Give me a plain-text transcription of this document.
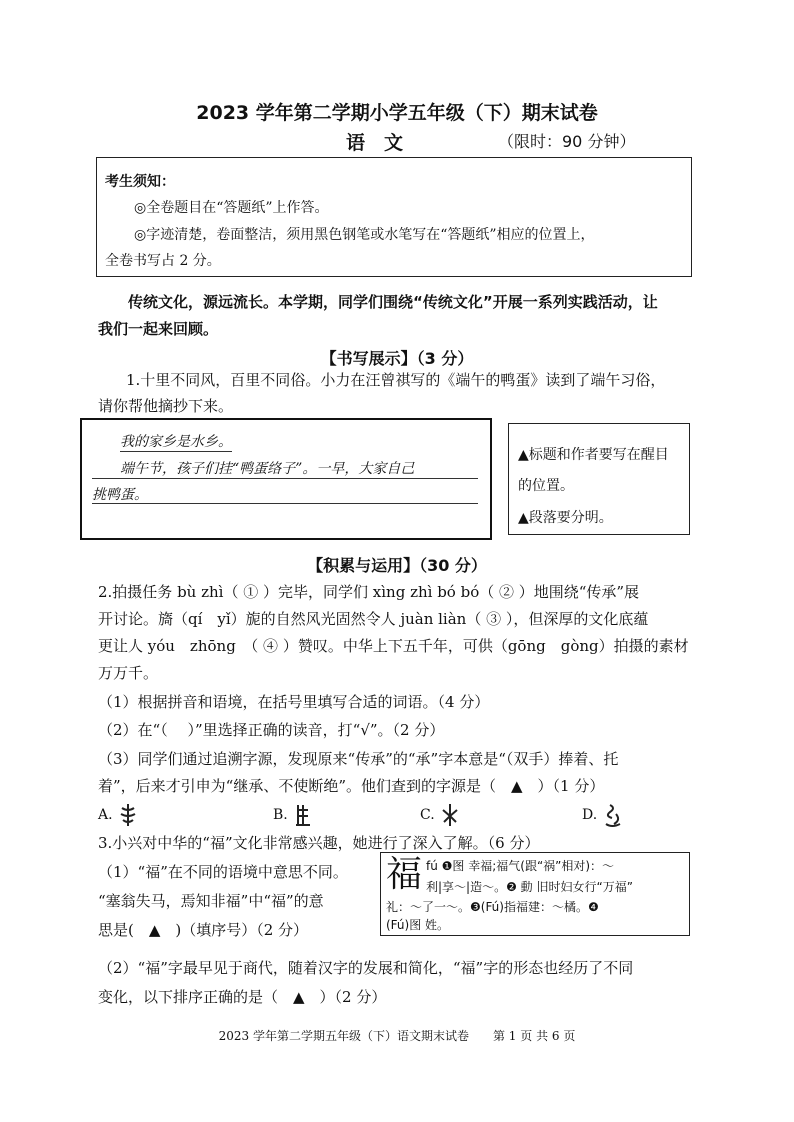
2023 学年第二学期小学五年级（下）期末试卷
语　文	（限时：90 分钟）
考生须知：
◎全卷题目在“答题纸”上作答。
◎字迹清楚，卷面整洁，须用黑色钢笔或水笔写在“答题纸”相应的位置上，
全卷书写占 2 分。
传统文化，源远流长。本学期，同学们围绕“传统文化”开展一系列实践活动，让
我们一起来回顾。
【书写展示】（3 分）
1.十里不同风，百里不同俗。小力在汪曾祺写的《端午的鸭蛋》读到了端午习俗，
请你帮他摘抄下来。
我的家乡是水乡。
端午节，孩子们挂“鸭蛋络子”。一早，大家自己
挑鸭蛋。
▲标题和作者要写在醒目
的位置。
▲段落要分明。
【积累与运用】（30 分）
2.拍摄任务 bù zhì（ ① ）完毕，同学们 xìng zhì bó bó（ ② ）地围绕“传承”展
开讨论。旖（qí　yǐ）旎的自然风光固然令人 juàn liàn（ ③ ），但深厚的文化底蕴
更让人 yóu　zhōng　（ ④ ）赞叹。中华上下五千年，可供（gōng　gòng）拍摄的素材
万万千。
（1）根据拼音和语境，在括号里填写合适的词语。（4 分）
（2）在“（　 ）”里选择正确的读音，打“√”。（2 分）
（3）同学们通过追溯字源，发现原来“传承”的“承”字本意是“（双手）捧着、托
着”，后来才引申为“继承、不使断绝”。他们查到的字源是（　▲　）（1 分）
A.	B.	C.	D.
3.小兴对中华的“福”文化非常感兴趣，她进行了深入了解。（6 分）
（1）“福”在不同的语境中意思不同。
“塞翁失马，焉知非福”中“福”的意
思是(　▲　)（填序号）（2 分）
福 fú ❶图 幸福;福气(跟“祸”相对)：～
利|享～|造～。❷ 動 旧时妇女行“万福”
礼：～了一～。❸(Fú)指福建：～橘。❹
(Fú)图 姓。
（2）“福”字最早见于商代，随着汉字的发展和简化，“福”字的形态也经历了不同
变化，以下排序正确的是（　▲　）（2 分）
2023 学年第二学期五年级（下）语文期末试卷　　第 1 页 共 6 页
